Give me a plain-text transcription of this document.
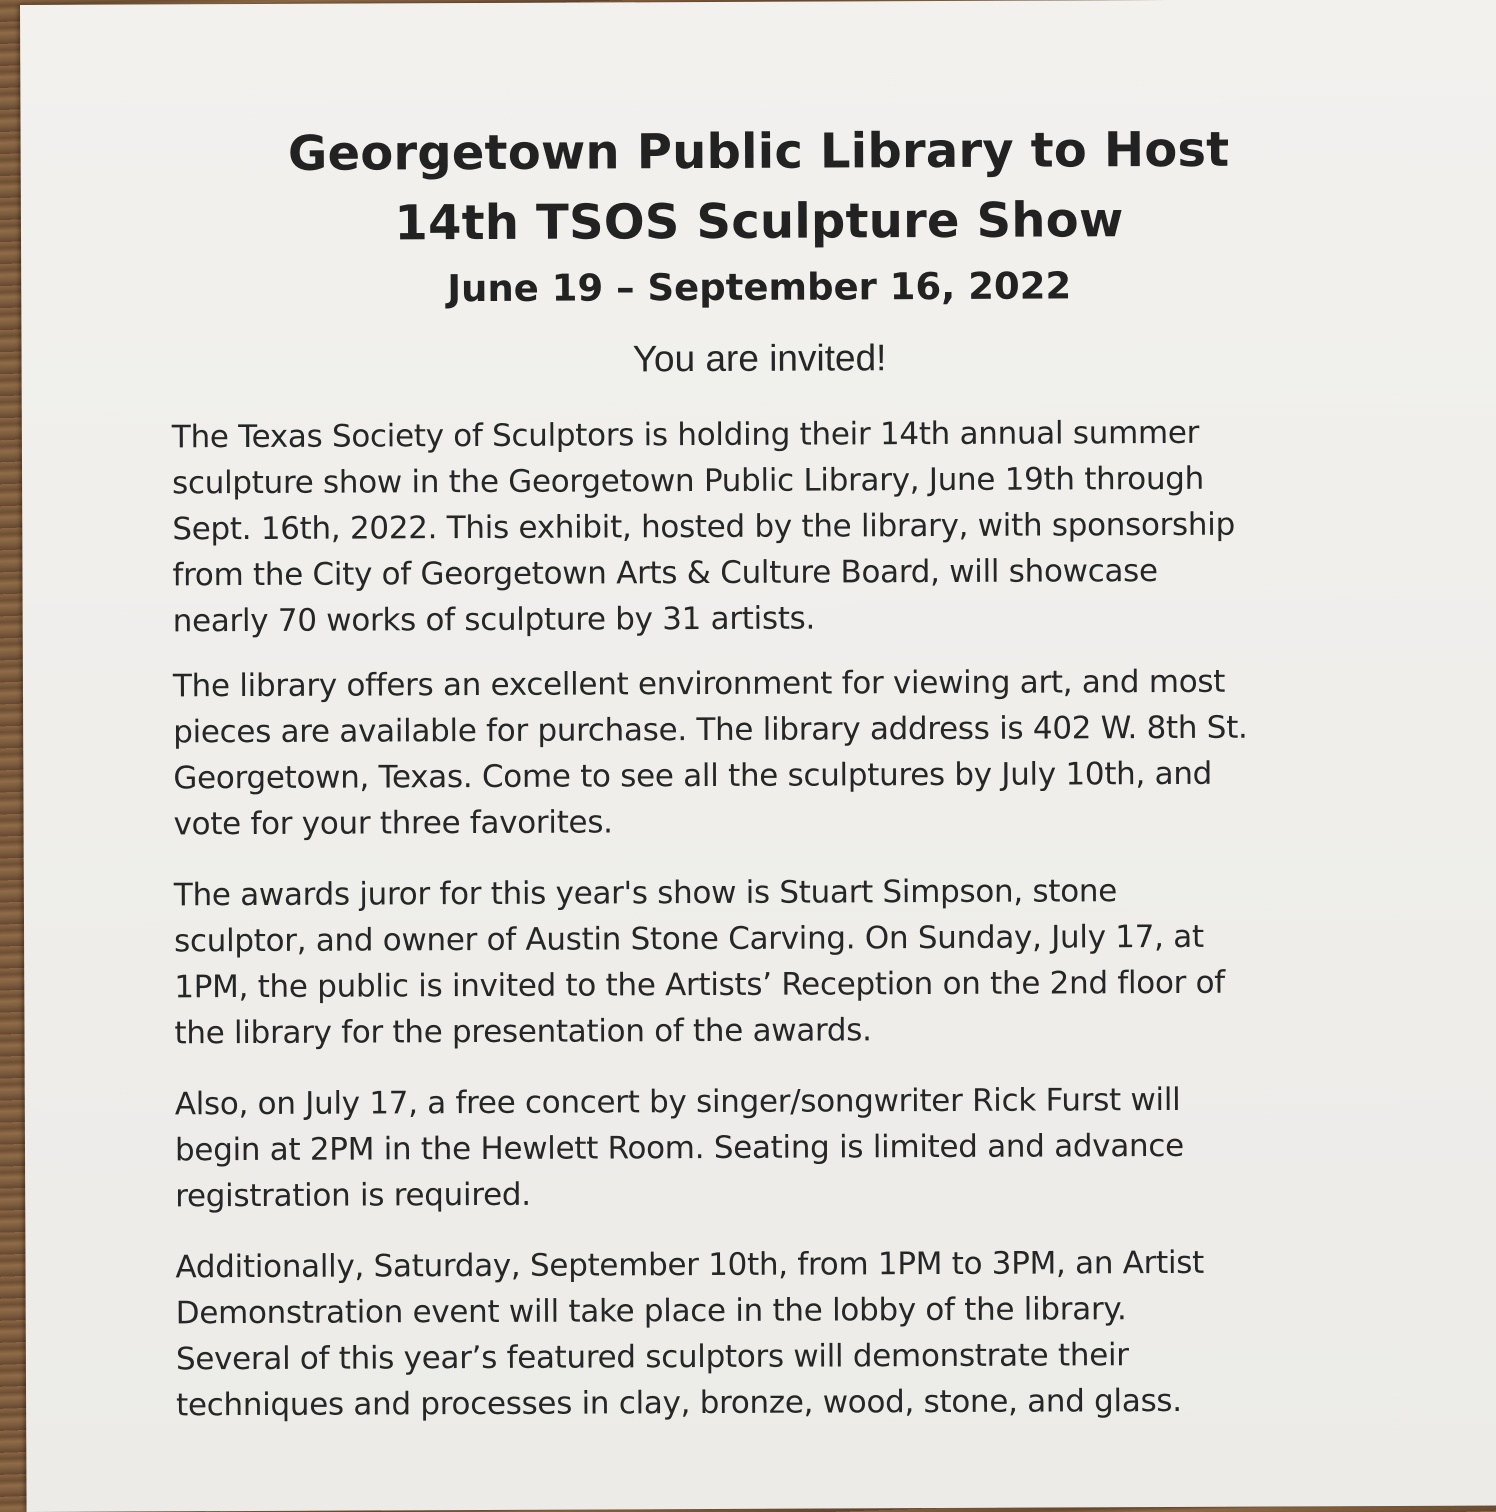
Georgetown Public Library to Host
14th TSOS Sculpture Show
June 19 – September 16, 2022

You are invited!

The Texas Society of Sculptors is holding their 14th annual summer
sculpture show in the Georgetown Public Library, June 19th through
Sept. 16th, 2022. This exhibit, hosted by the library, with sponsorship
from the City of Georgetown Arts & Culture Board, will showcase
nearly 70 works of sculpture by 31 artists.

The library offers an excellent environment for viewing art, and most
pieces are available for purchase. The library address is 402 W. 8th St.
Georgetown, Texas. Come to see all the sculptures by July 10th, and
vote for your three favorites.

The awards juror for this year's show is Stuart Simpson, stone
sculptor, and owner of Austin Stone Carving. On Sunday, July 17, at
1PM, the public is invited to the Artists’ Reception on the 2nd floor of
the library for the presentation of the awards.

Also, on July 17, a free concert by singer/songwriter Rick Furst will
begin at 2PM in the Hewlett Room. Seating is limited and advance
registration is required.

Additionally, Saturday, September 10th, from 1PM to 3PM, an Artist
Demonstration event will take place in the lobby of the library.
Several of this year’s featured sculptors will demonstrate their
techniques and processes in clay, bronze, wood, stone, and glass.
